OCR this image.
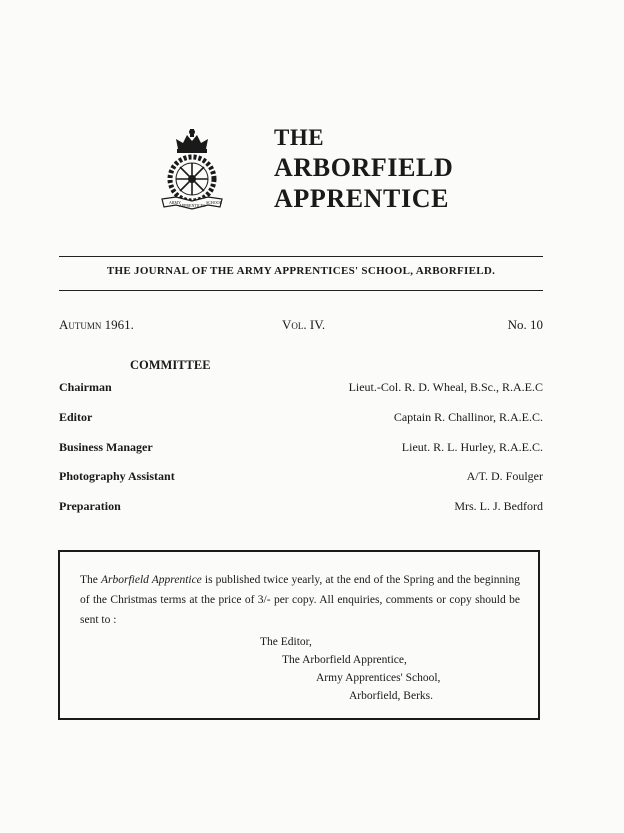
ARMY
APPRENTICES
SCHOOL
THE
ARBORFIELD
APPRENTICE
THE JOURNAL OF THE ARMY APPRENTICES' SCHOOL, ARBORFIELD.
Autumn 1961.	Vol. IV.	No. 10
COMMITTEE
Chairman	Lieut.-Col. R. D. Wheal, B.Sc., R.A.E.C
Editor	Captain R. Challinor, R.A.E.C.
Business Manager	Lieut. R. L. Hurley, R.A.E.C.
Photography Assistant	A/T. D. Foulger
Preparation	Mrs. L. J. Bedford
The Arborfield Apprentice is published twice yearly, at the end of the Spring and the beginning of the Christmas terms at the price of 3/- per copy. All enquiries, comments or copy should be sent to :
The Editor,
The Arborfield Apprentice,
Army Apprentices' School,
Arborfield, Berks.
